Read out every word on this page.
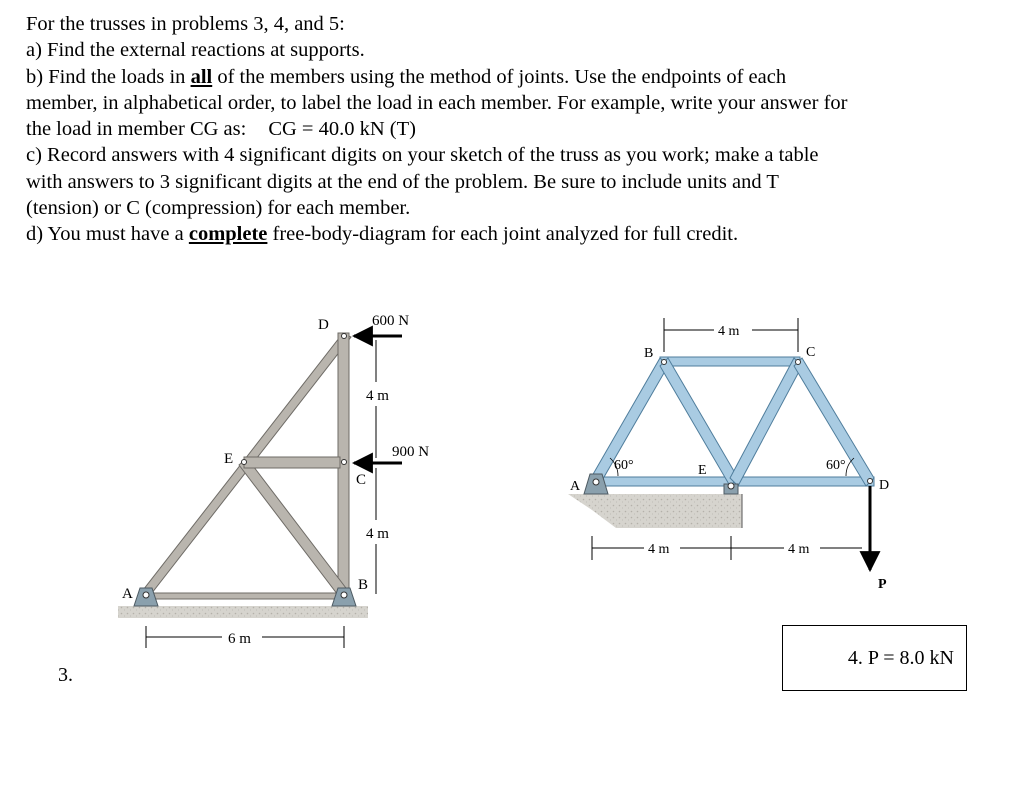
For the trusses in problems 3, 4, and 5:
a) Find the external reactions at supports.
b) Find the loads in all of the members using the method of joints. Use the endpoints of each
member, in alphabetical order, to label the load in each member. For example, write your answer for
the load in member CG as: CG = 40.0 kN (T)
c) Record answers with 4 significant digits on your sketch of the truss as you work; make a table
with answers to 3 significant digits at the end of the problem. Be sure to include units and T
(tension) or C (compression) for each member.
d) You must have a complete free-body-diagram for each joint analyzed for full credit.
A
B
C
D
E
600 N
900 N
4 m
4 m
6 m
A
B	C
D
E
60°	60°
4 m
4 m	4 m
P
3.
4. P = 8.0 kN
